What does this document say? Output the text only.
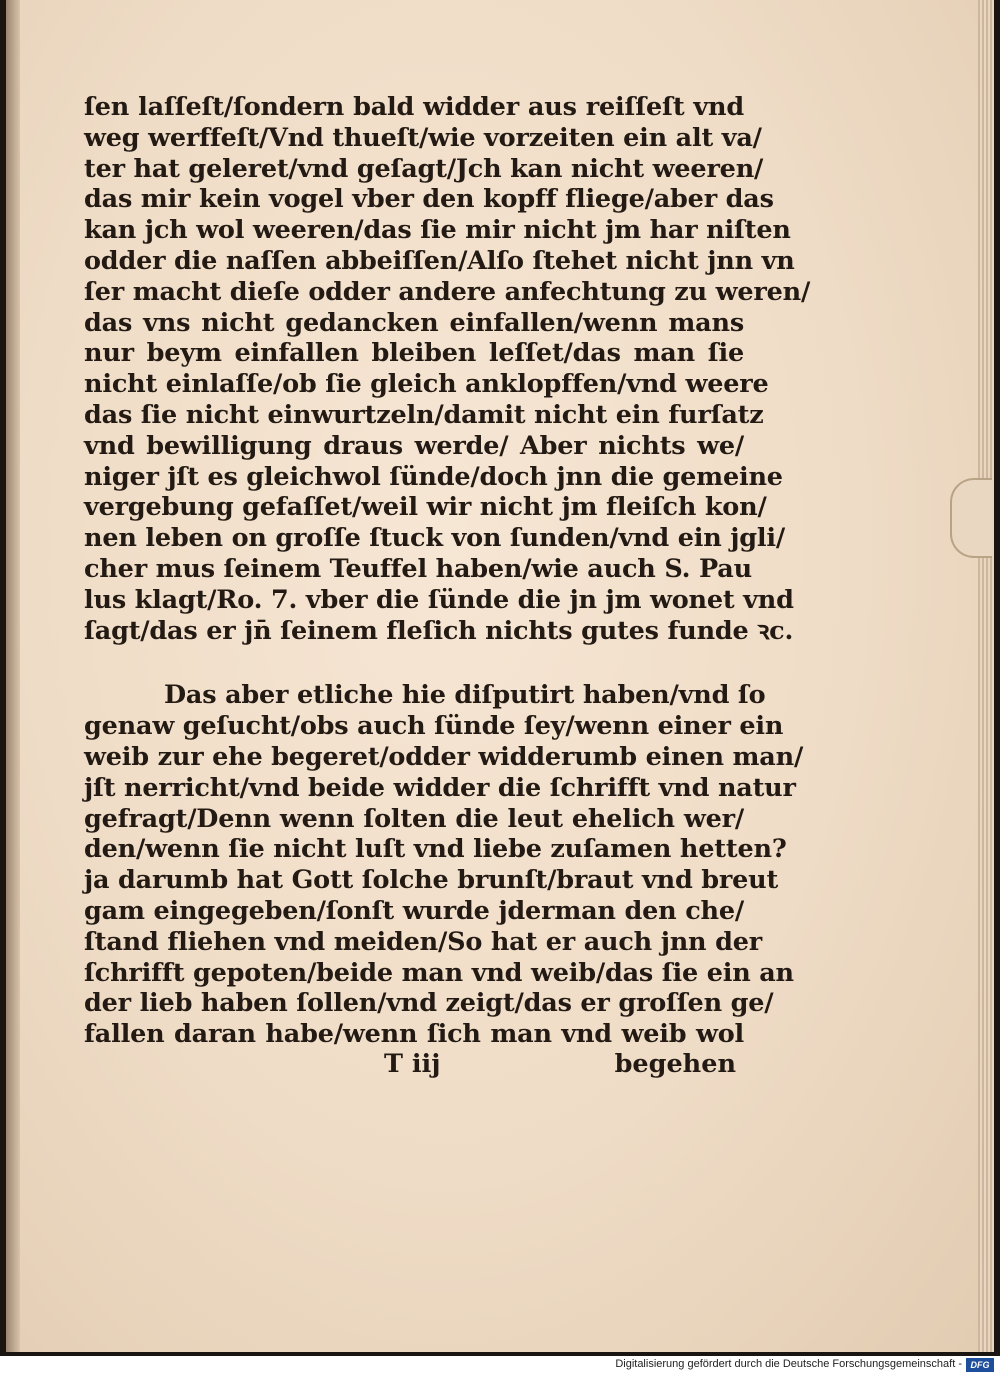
ſen laſſeſt/ſondern bald widder aus reiſſeſt vnd
weg werffeſt/Vnd thueſt/wie vorzeiten ein alt va/
ter hat geleret/vnd geſagt/Jch kan nicht weeren/
das mir kein vogel vber den kopff fliege/aber das
kan jch wol weeren/das ſie mir nicht jm har niſten
odder die naſſen abbeiſſen/Alſo ſtehet nicht jnn vn
ſer macht dieſe odder andere anfechtung zu weren/
das vns nicht gedancken einfallen/wenn mans
nur beym einfallen bleiben leſſet/das man ſie
nicht einlaſſe/ob ſie gleich anklopffen/vnd weere
das ſie nicht einwurtzeln/damit nicht ein furſatz
vnd bewilligung draus werde/ Aber nichts we/
niger jſt es gleichwol ſünde/doch jnn die gemeine
vergebung gefaſſet/weil wir nicht jm fleiſch kon/
nen leben on groſſe ſtuck von ſunden/vnd ein jgli/
cher mus ſeinem Teuffel haben/wie auch S. Pau
lus klagt/Ro. 7. vber die ſünde die jn jm wonet vnd
ſagt/das er jn̄ ſeinem fleſich nichts gutes funde ꝛc.
Das aber etliche hie diſputirt haben/vnd ſo
genaw geſucht/obs auch ſünde ſey/wenn einer ein
weib zur ehe begeret/odder widderumb einen man/
jſt nerricht/vnd beide widder die ſchrifft vnd natur
gefragt/Denn wenn ſolten die leut ehelich wer/
den/wenn ſie nicht luſt vnd liebe zuſamen hetten?
ja darumb hat Gott ſolche brunſt/braut vnd breut
gam eingegeben/ſonſt wurde jderman den che/
ſtand fliehen vnd meiden/So hat er auch jnn der
ſchrifft gepoten/beide man vnd weib/das ſie ein an
der lieb haben ſollen/vnd zeigt/das er groſſen ge/
fallen daran habe/wenn ſich man vnd weib wol
T iij	begehen
Digitalisierung gefördert durch die Deutsche Forschungsgemeinschaft - DFG
